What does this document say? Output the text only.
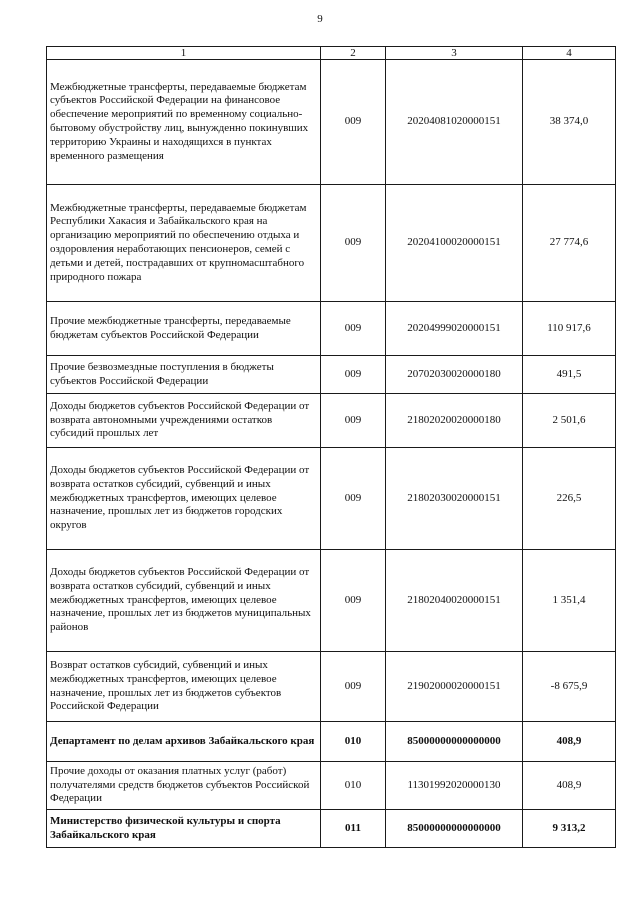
9
1	2	3	4
Межбюджетные трансферты, передаваемые бюджетам субъектов Российской Федерации на финансовое обеспечение мероприятий по временному социально-бытовому обустройству лиц, вынужденно покинувших территорию Украины и находящихся в пунктах временного размещения	009	20204081020000151	38 374,0
Межбюджетные трансферты, передаваемые бюджетам Республики Хакасия и Забайкальского края на организацию мероприятий по обеспечению отдыха и оздоровления неработающих пенсионеров, семей с детьми и детей, пострадавших от крупномасштабного природного пожара	009	20204100020000151	27 774,6
Прочие межбюджетные трансферты, передаваемые бюджетам субъектов Российской Федерации	009	20204999020000151	110 917,6
Прочие безвозмездные поступления в бюджеты субъектов Российской Федерации	009	20702030020000180	491,5
Доходы бюджетов субъектов Российской Федерации от возврата автономными учреждениями остатков субсидий прошлых лет	009	21802020020000180	2 501,6
Доходы бюджетов субъектов Российской Федерации от возврата остатков субсидий, субвенций и иных межбюджетных трансфертов, имеющих целевое назначение, прошлых лет из бюджетов городских округов	009	21802030020000151	226,5
Доходы бюджетов субъектов Российской Федерации от возврата остатков субсидий, субвенций и иных межбюджетных трансфертов, имеющих целевое назначение, прошлых лет из бюджетов муниципальных районов	009	21802040020000151	1 351,4
Возврат остатков субсидий, субвенций и иных межбюджетных трансфертов, имеющих целевое назначение, прошлых лет из бюджетов субъектов Российской Федерации	009	21902000020000151	-8 675,9
Департамент по делам архивов Забайкальского края	010	85000000000000000	408,9
Прочие доходы от оказания платных услуг (работ) получателями средств бюджетов субъектов Российской Федерации	010	11301992020000130	408,9
Министерство физической культуры и спорта Забайкальского края	011	85000000000000000	9 313,2
